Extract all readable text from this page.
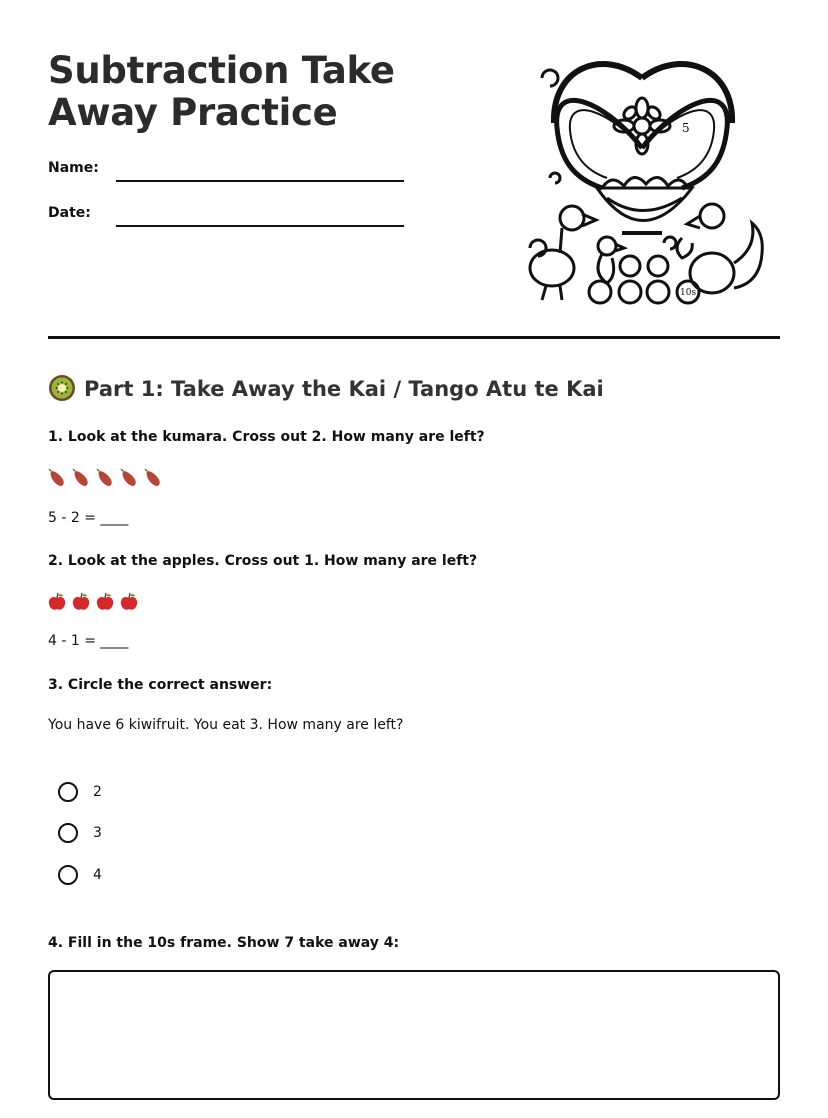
Subtraction Take Away Practice
Name:
Date:
5
10s
Part 1: Take Away the Kai / Tango Atu te Kai

1. Look at the kumara. Cross out 2. How many are left?

5 - 2 = ____

2. Look at the apples. Cross out 1. How many are left?

4 - 1 = ____

3. Circle the correct answer:

You have 6 kiwifruit. You eat 3. How many are left?
2
3
4

4. Fill in the 10s frame. Show 7 take away 4:
